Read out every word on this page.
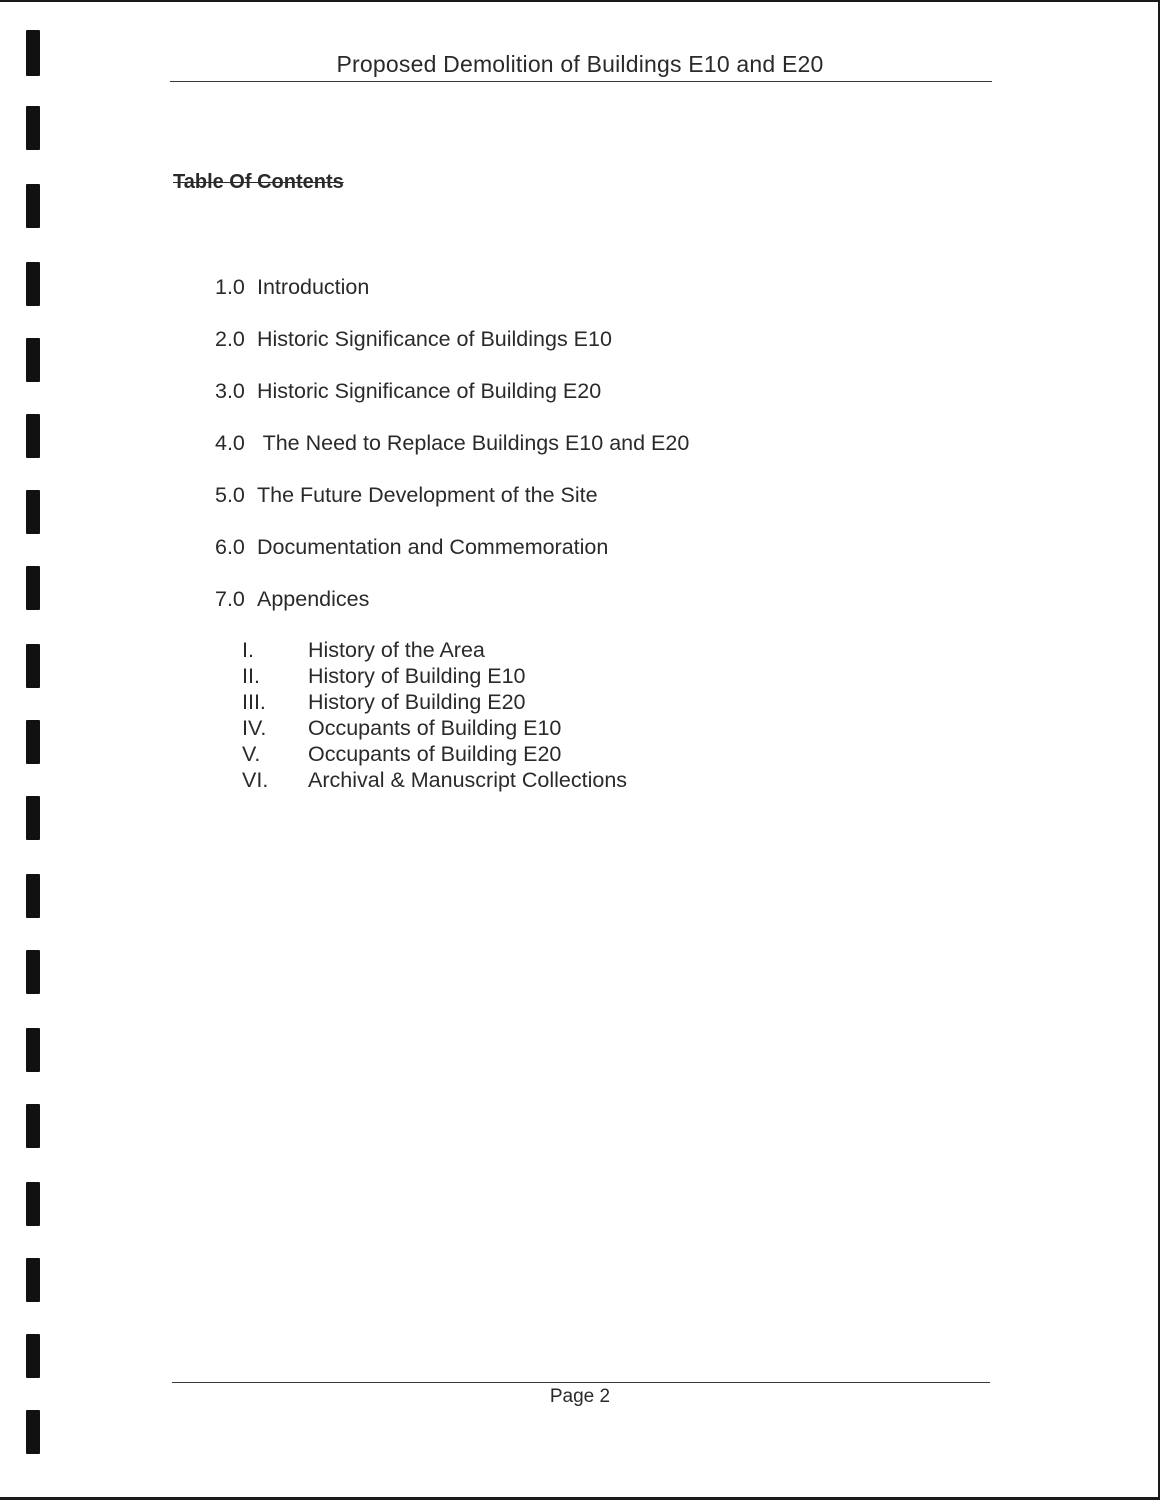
Proposed Demolition of Buildings E10 and E20
Table Of Contents
1.0 Introduction
2.0 Historic Significance of Buildings E10
3.0 Historic Significance of Building E20
4.0 The Need to Replace Buildings E10 and E20
5.0 The Future Development of the Site
6.0 Documentation and Commemoration
7.0 Appendices
I.	History of the Area
II.	History of Building E10
III.	History of Building E20
IV.	Occupants of Building E10
V.	Occupants of Building E20
VI.	Archival & Manuscript Collections
Page 2
